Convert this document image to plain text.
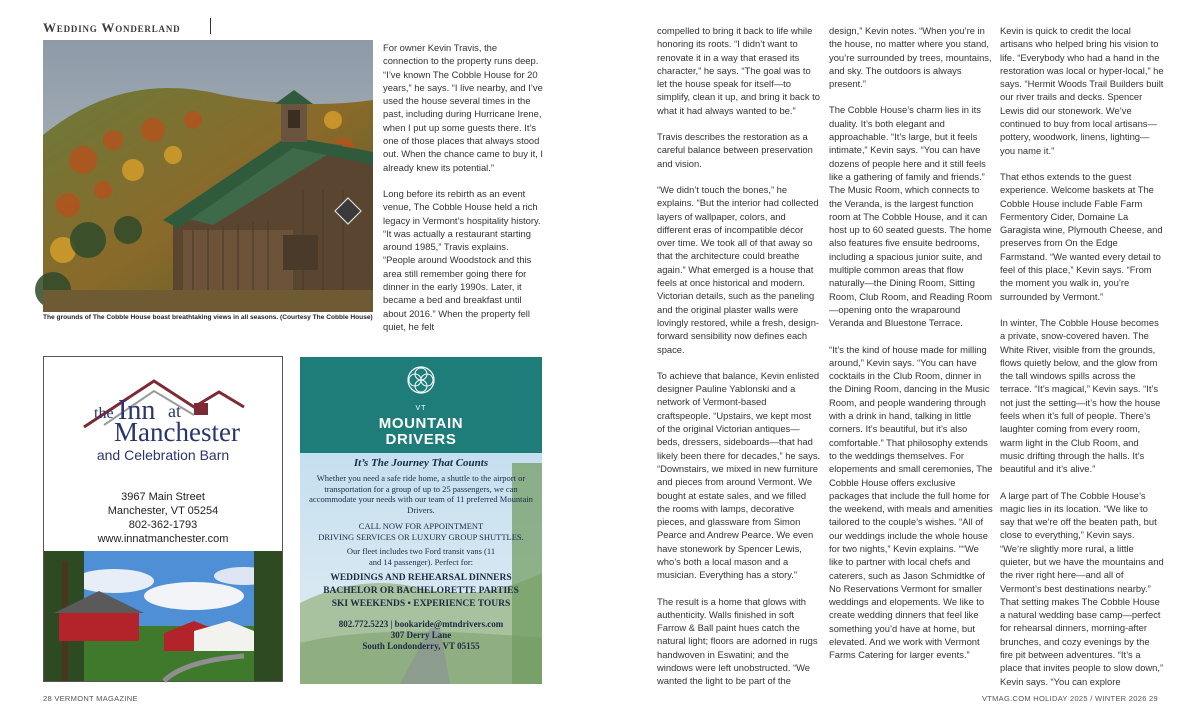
Wedding Wonderland
The grounds of The Cobble House boast breathtaking views in all seasons. (Courtesy The Cobble House)

For owner Kevin Travis, the connection to the property runs deep. “I’ve known The Cobble House for 20 years,” he says. “I live nearby, and I’ve used the house several times in the past, including during Hurricane Irene, when I put up some guests there. It’s one of those places that always stood out. When the chance came to buy it, I already knew its potential.”

Long before its rebirth as an event venue, The Cobble House held a rich legacy in Vermont’s hospitality history. “It was actually a restaurant starting around 1985,” Travis explains. “People around Woodstock and this area still remember going there for dinner in the early 1990s. Later, it became a bed and breakfast until about 2016.” When the property fell quiet, he felt

compelled to bring it back to life while honoring its roots. “I didn’t want to renovate it in a way that erased its character,” he says. “The goal was to let the house speak for itself—to simplify, clean it up, and bring it back to what it had always wanted to be.”

Travis describes the restoration as a careful balance between preservation and vision.

“We didn’t touch the bones,” he explains. “But the interior had collected layers of wallpaper, colors, and different eras of incompatible décor over time. We took all of that away so that the architecture could breathe again.” What emerged is a house that feels at once historical and modern. Victorian details, such as the paneling and the original plaster walls were lovingly restored, while a fresh, design-forward sensibility now defines each space.

To achieve that balance, Kevin enlisted designer Pauline Yablonski and a network of Vermont-based craftspeople. “Upstairs, we kept most of the original Victorian antiques—beds, dressers, sideboards—that had likely been there for decades,” he says. “Downstairs, we mixed in new furniture and pieces from around Vermont. We bought at estate sales, and we filled the rooms with lamps, decorative pieces, and glassware from Simon Pearce and Andrew Pearce. We even have stonework by Spencer Lewis, who’s both a local mason and a musician. Everything has a story.”

The result is a home that glows with authenticity. Walls finished in soft Farrow & Ball paint hues catch the natural light; floors are adorned in rugs handwoven in Eswatini; and the windows were left unobstructed. “We wanted the light to be part of the

design,” Kevin notes. “When you’re in the house, no matter where you stand, you’re surrounded by trees, mountains, and sky. The outdoors is always present.”

The Cobble House’s charm lies in its duality. It’s both elegant and approachable. “It’s large, but it feels intimate,” Kevin says. “You can have dozens of people here and it still feels like a gathering of family and friends.” The Music Room, which connects to the Veranda, is the largest function room at The Cobble House, and it can host up to 60 seated guests. The home also features five ensuite bedrooms, including a spacious junior suite, and multiple common areas that flow naturally—the Dining Room, Sitting Room, Club Room, and Reading Room—opening onto the wraparound Veranda and Bluestone Terrace.

“It’s the kind of house made for milling around,” Kevin says. “You can have cocktails in the Club Room, dinner in the Dining Room, dancing in the Music Room, and people wandering through with a drink in hand, talking in little corners. It’s beautiful, but it’s also comfortable.” That philosophy extends to the weddings themselves. For elopements and small ceremonies, The Cobble House offers exclusive packages that include the full home for the weekend, with meals and amenities tailored to the couple’s wishes. “All of our weddings include the whole house for two nights,” Kevin explains. ““We like to partner with local chefs and caterers, such as Jason Schmidtke of No Reservations Vermont for smaller weddings and elopements. We like to create wedding dinners that feel like something you’d have at home, but elevated. And we work with Vermont Farms Catering for larger events.”

Kevin is quick to credit the local artisans who helped bring his vision to life. “Everybody who had a hand in the restoration was local or hyper-local,” he says. “Hermit Woods Trail Builders built our river trails and decks. Spencer Lewis did our stonework. We’ve continued to buy from local artisans—pottery, woodwork, linens, lighting—you name it.”

That ethos extends to the guest experience. Welcome baskets at The Cobble House include Fable Farm Fermentory Cider, Domaine La Garagista wine, Plymouth Cheese, and preserves from On the Edge Farmstand. “We wanted every detail to feel of this place,” Kevin says. “From the moment you walk in, you’re surrounded by Vermont.”

In winter, The Cobble House becomes a private, snow-covered haven. The White River, visible from the grounds, flows quietly below, and the glow from the tall windows spills across the terrace. “It’s magical,” Kevin says. “It’s not just the setting—it’s how the house feels when it’s full of people. There’s laughter coming from every room, warm light in the Club Room, and music drifting through the halls. It’s beautiful and it’s alive.”

A large part of The Cobble House’s magic lies in its location. “We like to say that we’re off the beaten path, but close to everything,” Kevin says. “We’re slightly more rural, a little quieter, but we have the mountains and the river right here—and all of Vermont’s best destinations nearby.” That setting makes The Cobble House a natural wedding base camp—perfect for rehearsal dinners, morning-after brunches, and cozy evenings by the fire pit between adventures. “It’s a place that invites people to slow down,” Kevin says. “You can explore

the Inn at
Manchester
and Celebration Barn
3967 Main Street
Manchester, VT 05254
802-362-1793
www.innatmanchester.com
VT
MOUNTAIN
DRIVERS
It’s The Journey That Counts
Whether you need a safe ride home, a shuttle to the airport or transportation for a group of up to 25 passengers, we can accommodate your needs with our team of 11 preferred Mountain Drivers.
CALL NOW FOR APPOINTMENT
DRIVING SERVICES OR LUXURY GROUP SHUTTLES.
Our fleet includes two Ford transit vans (11 and 14 passenger). Perfect for:
WEDDINGS AND REHEARSAL DINNERS
BACHELOR OR BACHELORETTE PARTIES
SKI WEEKENDS • EXPERIENCE TOURS
802.772.5223 | bookaride@mtndrivers.com
307 Derry Lane
South Londonderry, VT 05155
28 VERMONT MAGAZINE	VTMAG.COM HOLIDAY 2025 / WINTER 2026 29
